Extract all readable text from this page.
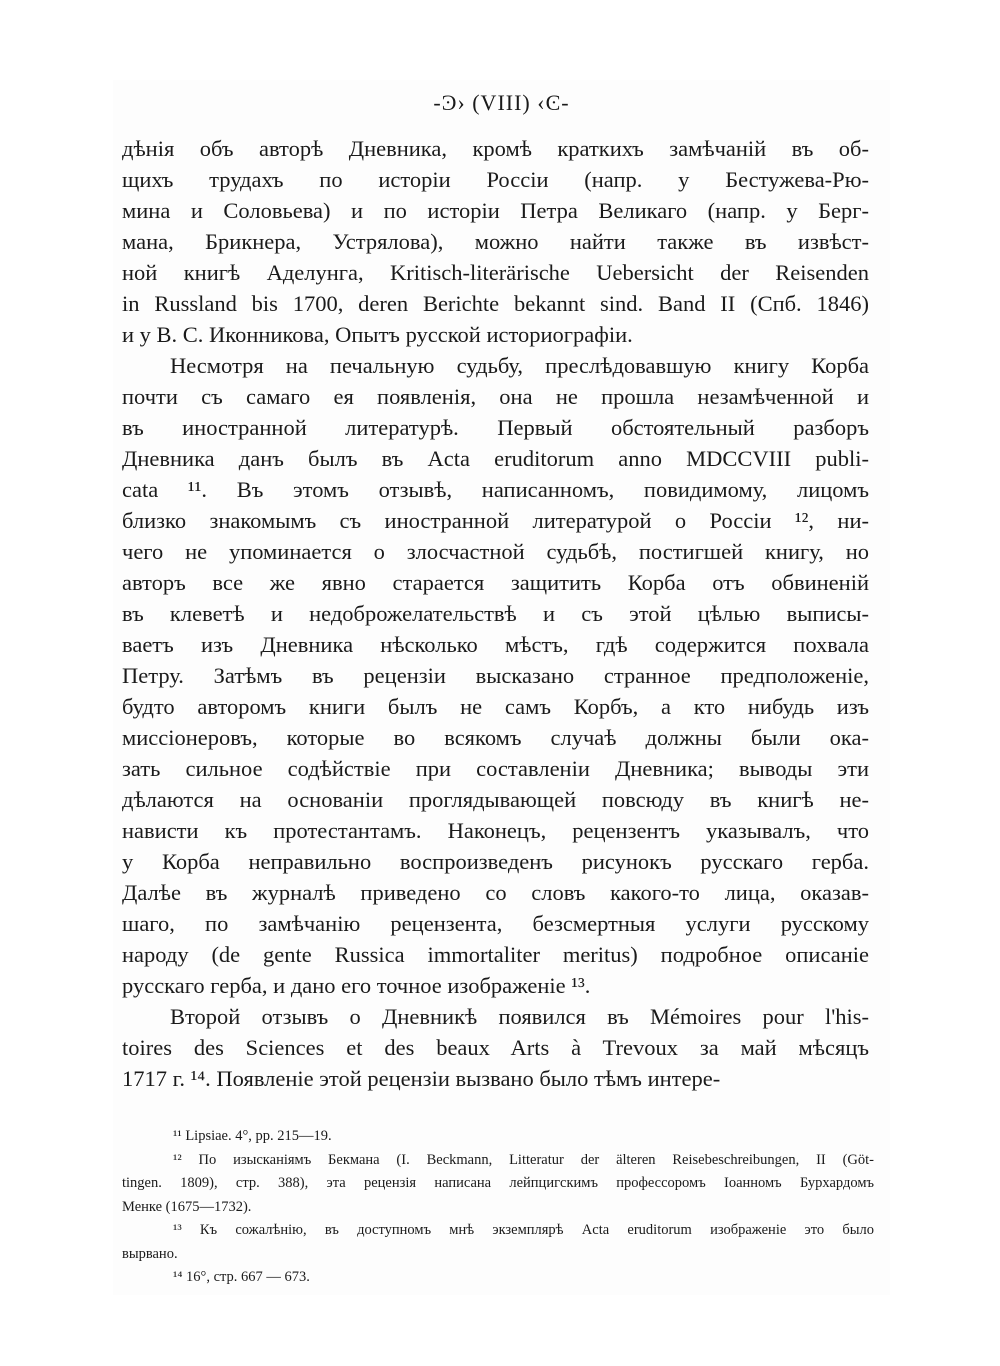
-Ͽ› (VIII) ‹Ͼ-
дѣнія объ авторѣ Дневника, кромѣ краткихъ замѣчаній въ об-
щихъ трудахъ по исторіи Россіи (напр. у Бестужева-Рю-
мина и Соловьева) и по исторіи Петра Великаго (напр. у Берг-
мана, Брикнера, Устрялова), можно найти также въ извѣст-
ной книгѣ Аделунга, Kritisch-literärische Uebersicht der Reisenden
in Russland bis 1700, deren Berichte bekannt sind. Band II (Спб. 1846)
и у В. С. Иконникова, Опытъ русской историографіи.
Несмотря на печальную судьбу, преслѣдовавшую книгу Корба
почти съ самаго ея появленія, она не прошла незамѣченной и
въ иностранной литературѣ. Первый обстоятельный разборъ
Дневника данъ былъ въ Acta eruditorum anno MDCCVIII publi-
cata ¹¹. Въ этомъ отзывѣ, написанномъ, повидимому, лицомъ
близко знакомымъ съ иностранной литературой о Россіи ¹², ни-
чего не упоминается о злосчастной судьбѣ, постигшей книгу, но
авторъ все же явно старается защитить Корба отъ обвиненій
въ клеветѣ и недоброжелательствѣ и съ этой цѣлью выписы-
ваетъ изъ Дневника нѣсколько мѣстъ, гдѣ содержится похвала
Петру. Затѣмъ въ рецензіи высказано странное предположеніе,
будто авторомъ книги былъ не самъ Корбъ, а кто нибудь изъ
миссіонеровъ, которые во всякомъ случаѣ должны были ока-
зать сильное содѣйствіе при составленіи Дневника; выводы эти
дѣлаются на основаніи проглядывающей повсюду въ книгѣ не-
нависти къ протестантамъ. Наконецъ, рецензентъ указывалъ, что
у Корба неправильно воспроизведенъ рисунокъ русскаго герба.
Далѣе въ журналѣ приведено со словъ какого-то лица, оказав-
шаго, по замѣчанію рецензента, безсмертныя услуги русскому
народу (de gente Russica immortaliter meritus) подробное описаніе
русскаго герба, и дано его точное изображеніе ¹³.
Второй отзывъ о Дневникѣ появился въ Mémoires pour l'his-
toires des Sciences et des beaux Arts à Trevoux за май мѣсяцъ
1717 г. ¹⁴. Появленіе этой рецензіи вызвано было тѣмъ интере-
¹¹ Lipsiae. 4°, pp. 215—19.
¹² По изысканіямъ Бекмана (I. Beckmann, Litteratur der älteren Reisebeschreibungen, II (Göt-
tingen. 1809), стр. 388), эта рецензія написана лейпцигскимъ профессоромъ Іоанномъ Бурхардомъ
Менке (1675—1732).
¹³ Къ сожалѣнію, въ доступномъ мнѣ экземплярѣ Acta eruditorum изображеніе это было
вырвано.
¹⁴ 16°, стр. 667 — 673.
